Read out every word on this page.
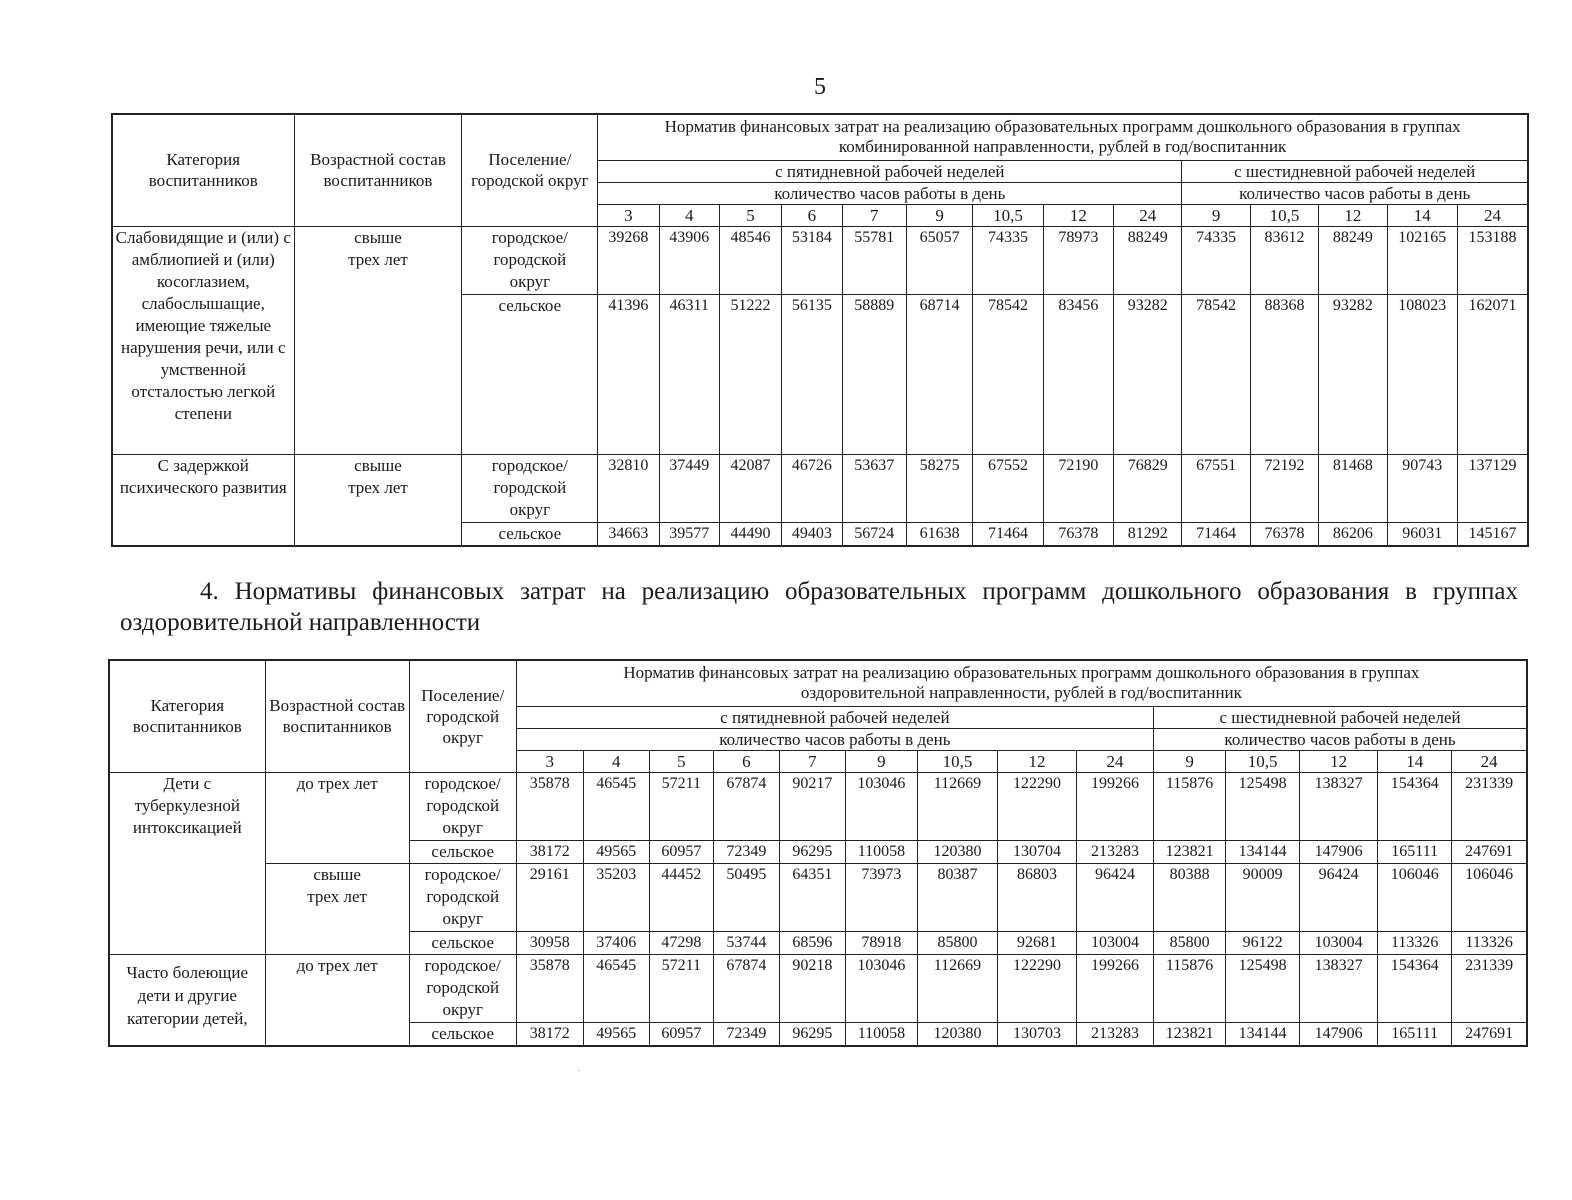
5
Категория воспитанников	Возрастной состав воспитанников	Поселение/ городской округ	Норматив финансовых затрат на реализацию образовательных программ дошкольного образования в группах комбинированной направленности, рублей в год/воспитанник													
			с пятидневной рабочей неделей									с шестидневной рабочей неделей				
			количество часов работы в день									количество часов работы в день				
			3	4	5	6	7	9	10,5	12	24	9	10,5	12	14	24
Слабовидящие и (или) с амблиопией и (или) косоглазием, слабослышащие, имеющие тяжелые нарушения речи, или с умственной отсталостью легкой степени	свыше трех лет	городское/ городской округ	39268	43906	48546	53184	55781	65057	74335	78973	88249	74335	83612	88249	102165	153188
		сельское	41396	46311	51222	56135	58889	68714	78542	83456	93282	78542	88368	93282	108023	162071
С задержкой психического развития	свыше трех лет	городское/ городской округ	32810	37449	42087	46726	53637	58275	67552	72190	76829	67551	72192	81468	90743	137129
		сельское	34663	39577	44490	49403	56724	61638	71464	76378	81292	71464	76378	86206	96031	145167
4. Нормативы финансовых затрат на реализацию образовательных программ дошкольного образования в группах оздоровительной направленности
Категория воспитанников	Возрастной состав воспитанников	Поселение/ городской округ	Норматив финансовых затрат на реализацию образовательных программ дошкольного образования в группах оздоровительной направленности, рублей в год/воспитанник													
			с пятидневной рабочей неделей									с шестидневной рабочей неделей				
			количество часов работы в день									количество часов работы в день				
			3	4	5	6	7	9	10,5	12	24	9	10,5	12	14	24
Дети с туберкулезной интоксикацией	до трех лет	городское/ городской округ	35878	46545	57211	67874	90217	103046	112669	122290	199266	115876	125498	138327	154364	231339
		сельское	38172	49565	60957	72349	96295	110058	120380	130704	213283	123821	134144	147906	165111	247691
	свыше трех лет	городское/ городской округ	29161	35203	44452	50495	64351	73973	80387	86803	96424	80388	90009	96424	106046	106046
		сельское	30958	37406	47298	53744	68596	78918	85800	92681	103004	85800	96122	103004	113326	113326
Часто болеющие дети и другие категории детей,	до трех лет	городское/ городской округ	35878	46545	57211	67874	90218	103046	112669	122290	199266	115876	125498	138327	154364	231339
		сельское	38172	49565	60957	72349	96295	110058	120380	130703	213283	123821	134144	147906	165111	247691
